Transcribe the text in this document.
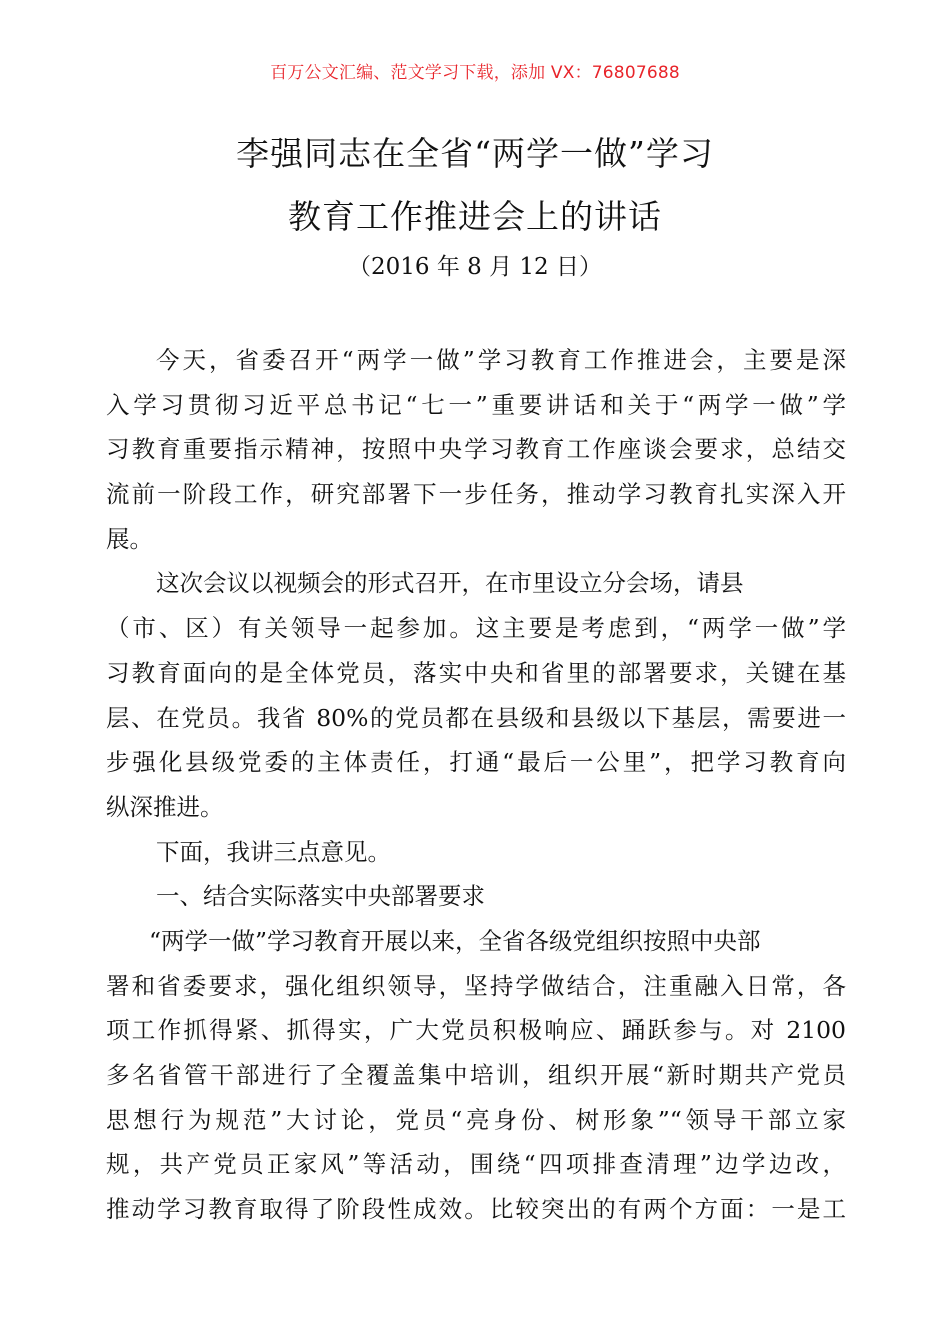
百万公文汇编、范文学习下载，添加 VX：76807688
李强同志在全省“两学一做”学习
教育工作推进会上的讲话
（2016 年 8 月 12 日）
今天，省委召开“两学一做”学习教育工作推进会，主要是深
入学习贯彻习近平总书记“七一”重要讲话和关于“两学一做”学
习教育重要指示精神，按照中央学习教育工作座谈会要求，总结交
流前一阶段工作，研究部署下一步任务，推动学习教育扎实深入开
展。
这次会议以视频会的形式召开，在市里设立分会场，请县
（市、区）有关领导一起参加。这主要是考虑到，“两学一做”学
习教育面向的是全体党员，落实中央和省里的部署要求，关键在基
层、在党员。我省 80%的党员都在县级和县级以下基层，需要进一
步强化县级党委的主体责任，打通“最后一公里”，把学习教育向
纵深推进。
下面，我讲三点意见。
一、结合实际落实中央部署要求
“两学一做”学习教育开展以来，全省各级党组织按照中央部
署和省委要求，强化组织领导，坚持学做结合，注重融入日常，各
项工作抓得紧、抓得实，广大党员积极响应、踊跃参与。对 2100
多名省管干部进行了全覆盖集中培训，组织开展“新时期共产党员
思想行为规范”大讨论，党员“亮身份、树形象”“领导干部立家
规，共产党员正家风”等活动，围绕“四项排查清理”边学边改，
推动学习教育取得了阶段性成效。比较突出的有两个方面：一是工
